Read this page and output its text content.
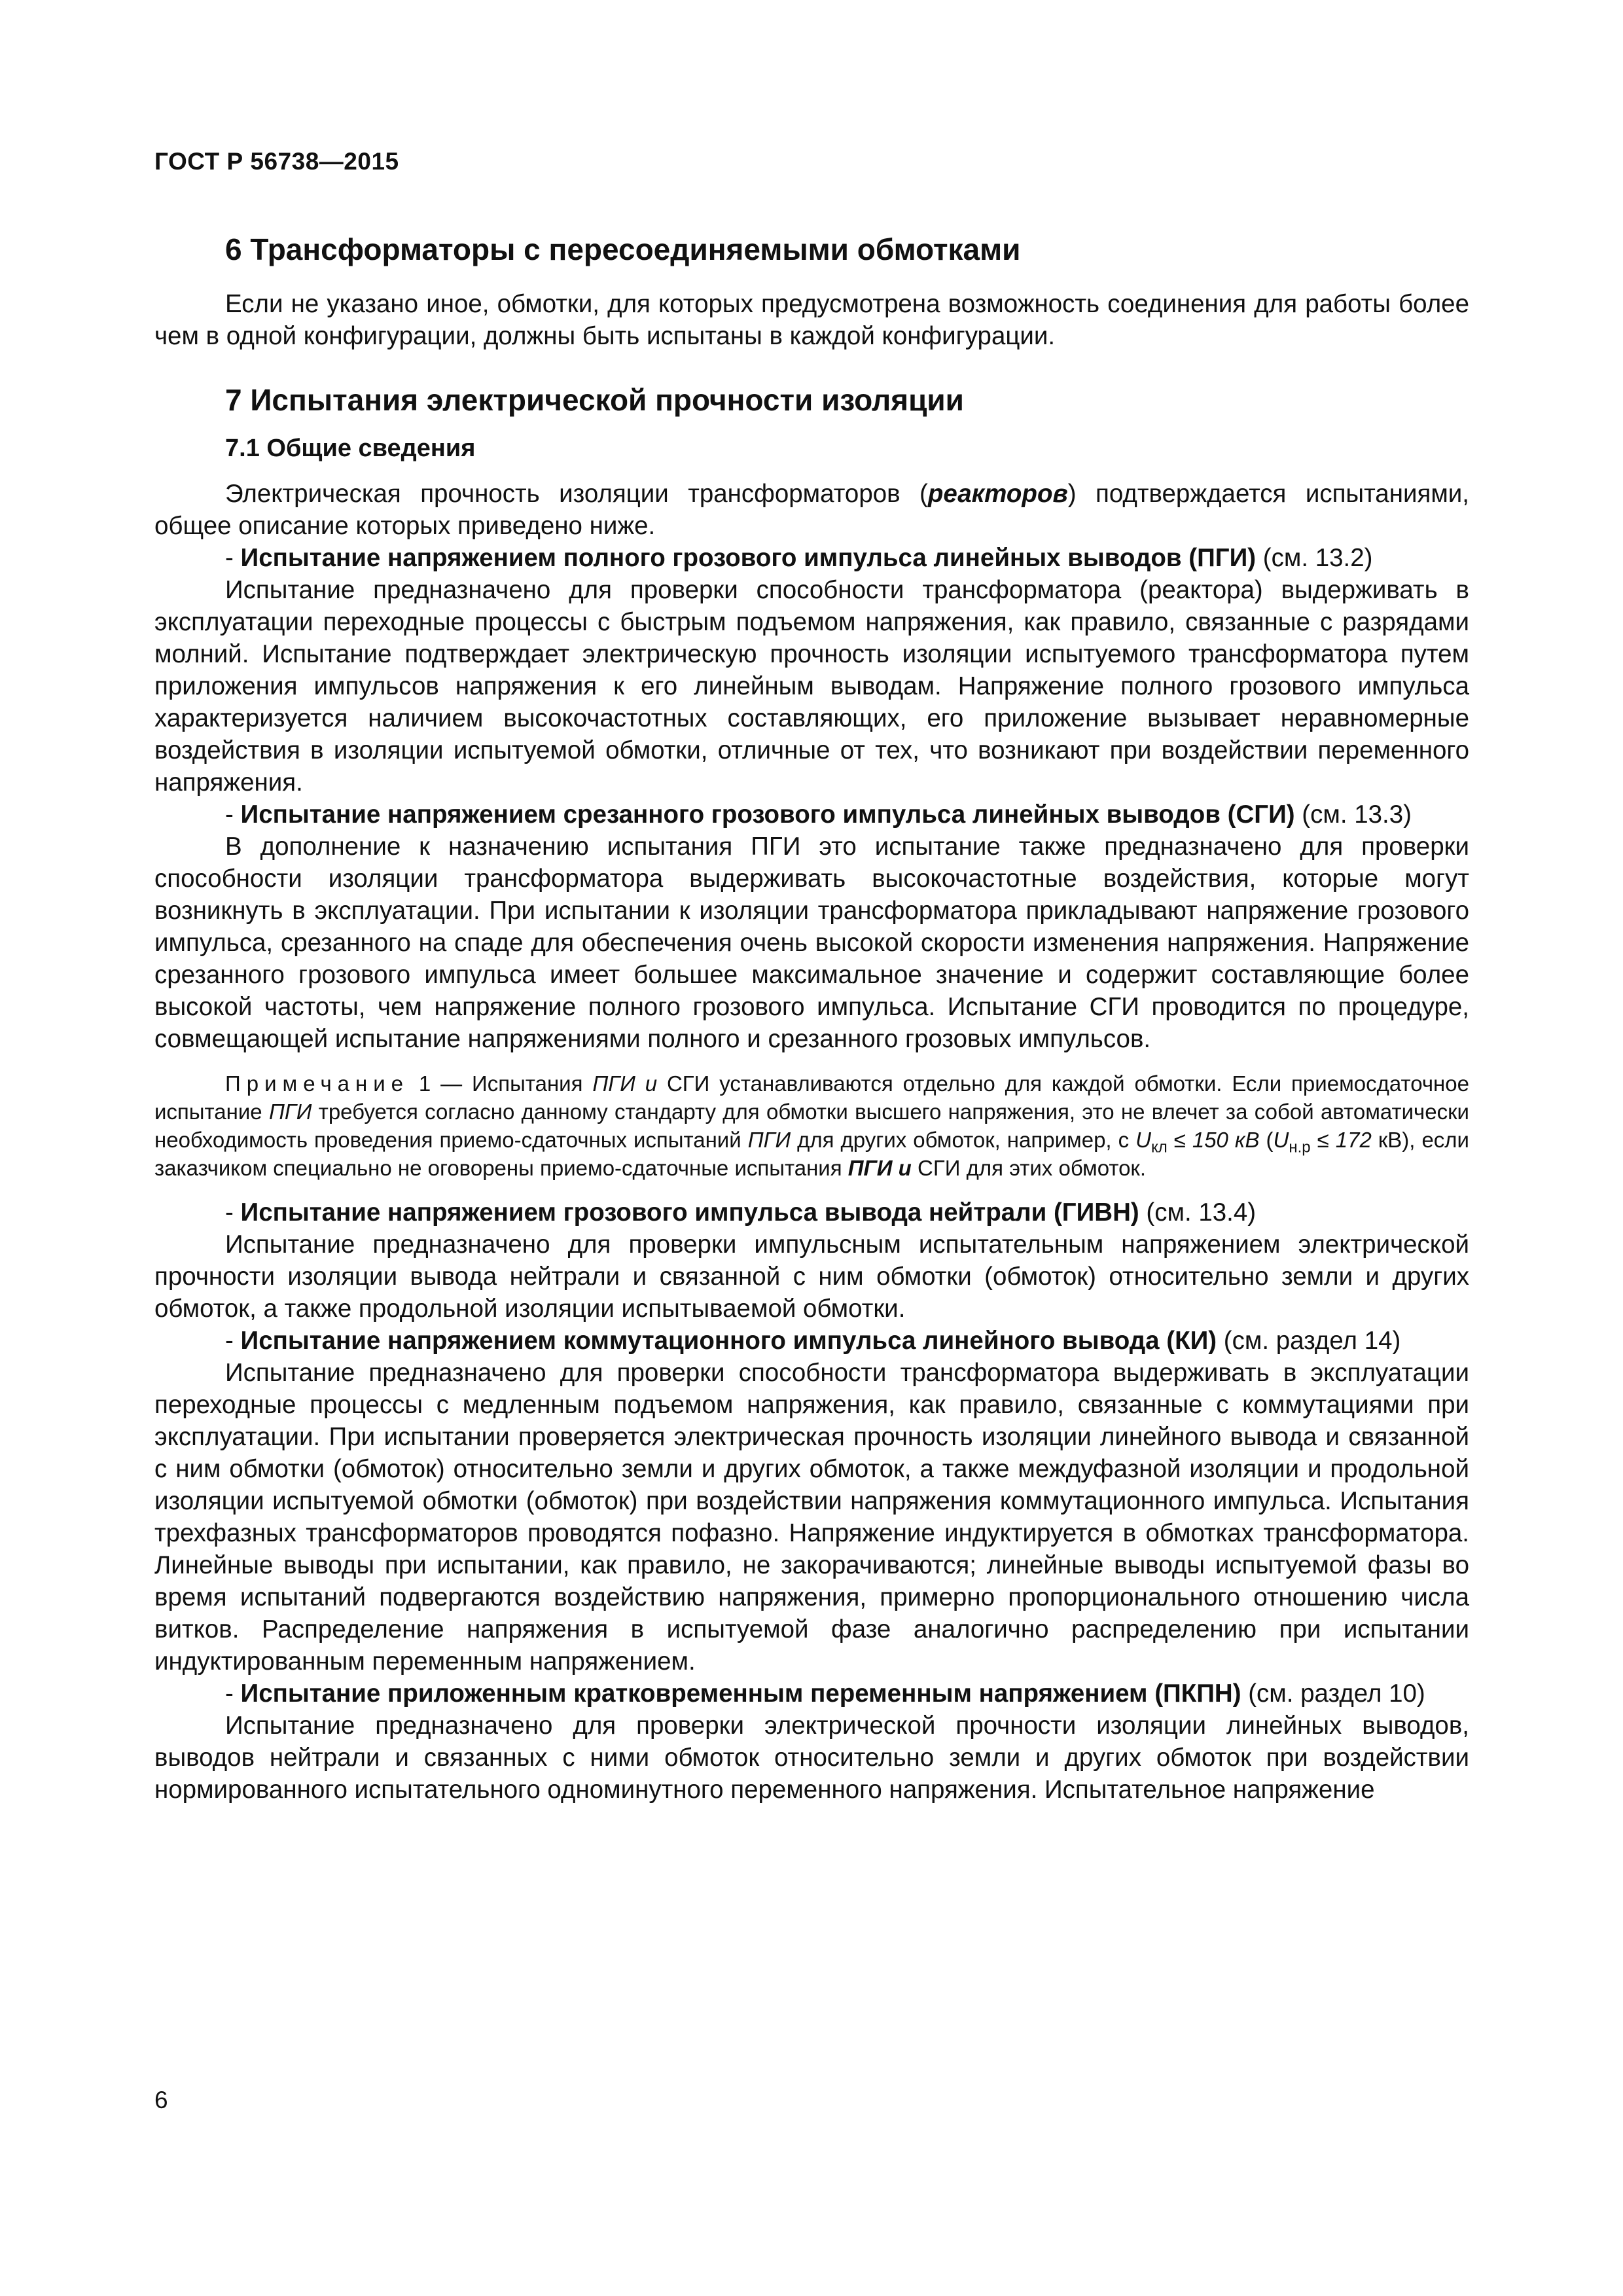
ГОСТ Р 56738—2015
6 Трансформаторы с пересоединяемыми обмотками

Если не указано иное, обмотки, для которых предусмотрена возможность соединения для работы более чем в одной конфигурации, должны быть испытаны в каждой конфигурации.

7 Испытания электрической прочности изоляции
7.1 Общие сведения

Электрическая прочность изоляции трансформаторов (реакторов) подтверждается испытаниями, общее описание которых приведено ниже.

- Испытание напряжением полного грозового импульса линейных выводов (ПГИ) (см. 13.2)

Испытание предназначено для проверки способности трансформатора (реактора) выдерживать в эксплуатации переходные процессы с быстрым подъемом напряжения, как правило, связанные с разрядами молний. Испытание подтверждает электрическую прочность изоляции испытуемого трансформатора путем приложения импульсов напряжения к его линейным выводам. Напряжение полного грозового импульса характеризуется наличием высокочастотных составляющих, его приложение вызывает неравномерные воздействия в изоляции испытуемой обмотки, отличные от тех, что возникают при воздействии переменного напряжения.

- Испытание напряжением срезанного грозового импульса линейных выводов (СГИ) (см. 13.3)

В дополнение к назначению испытания ПГИ это испытание также предназначено для проверки способности изоляции трансформатора выдерживать высокочастотные воздействия, которые могут возникнуть в эксплуатации. При испытании к изоляции трансформатора прикладывают напряжение грозового импульса, срезанного на спаде для обеспечения очень высокой скорости изменения напряжения. Напряжение срезанного грозового импульса имеет большее максимальное значение и содержит составляющие более высокой частоты, чем напряжение полного грозового импульса. Испытание СГИ проводится по процедуре, совмещающей испытание напряжениями полного и срезанного грозовых импульсов.

Примечание 1 — Испытания ПГИ и СГИ устанавливаются отдельно для каждой обмотки. Если приемосдаточное испытание ПГИ требуется согласно данному стандарту для обмотки высшего напряжения, это не влечет за собой автоматически необходимость проведения приемо-сдаточных испытаний ПГИ для других обмоток, например, с $U_{кл} \le 150$ кВ ($U_{н.р} \le 172$ кВ), если заказчиком специально не оговорены приемо-сдаточные испытания ПГИ и СГИ для этих обмоток.

- Испытание напряжением грозового импульса вывода нейтрали (ГИВН) (см. 13.4)

Испытание предназначено для проверки импульсным испытательным напряжением электрической прочности изоляции вывода нейтрали и связанной с ним обмотки (обмоток) относительно земли и других обмоток, а также продольной изоляции испытываемой обмотки.

- Испытание напряжением коммутационного импульса линейного вывода (КИ) (см. раздел 14)

Испытание предназначено для проверки способности трансформатора выдерживать в эксплуатации переходные процессы с медленным подъемом напряжения, как правило, связанные с коммутациями при эксплуатации. При испытании проверяется электрическая прочность изоляции линейного вывода и связанной с ним обмотки (обмоток) относительно земли и других обмоток, а также междуфазной изоляции и продольной изоляции испытуемой обмотки (обмоток) при воздействии напряжения коммутационного импульса. Испытания трехфазных трансформаторов проводятся пофазно. Напряжение индуктируется в обмотках трансформатора. Линейные выводы при испытании, как правило, не закорачиваются; линейные выводы испытуемой фазы во время испытаний подвергаются воздействию напряжения, примерно пропорционального отношению числа витков. Распределение напряжения в испытуемой фазе аналогично распределению при испытании индуктированным переменным напряжением.

- Испытание приложенным кратковременным переменным напряжением (ПКПН) (см. раздел 10)

Испытание предназначено для проверки электрической прочности изоляции линейных выводов, выводов нейтрали и связанных с ними обмоток относительно земли и других обмоток при воздействии нормированного испытательного одноминутного переменного напряжения. Испытательное напряжение

6
